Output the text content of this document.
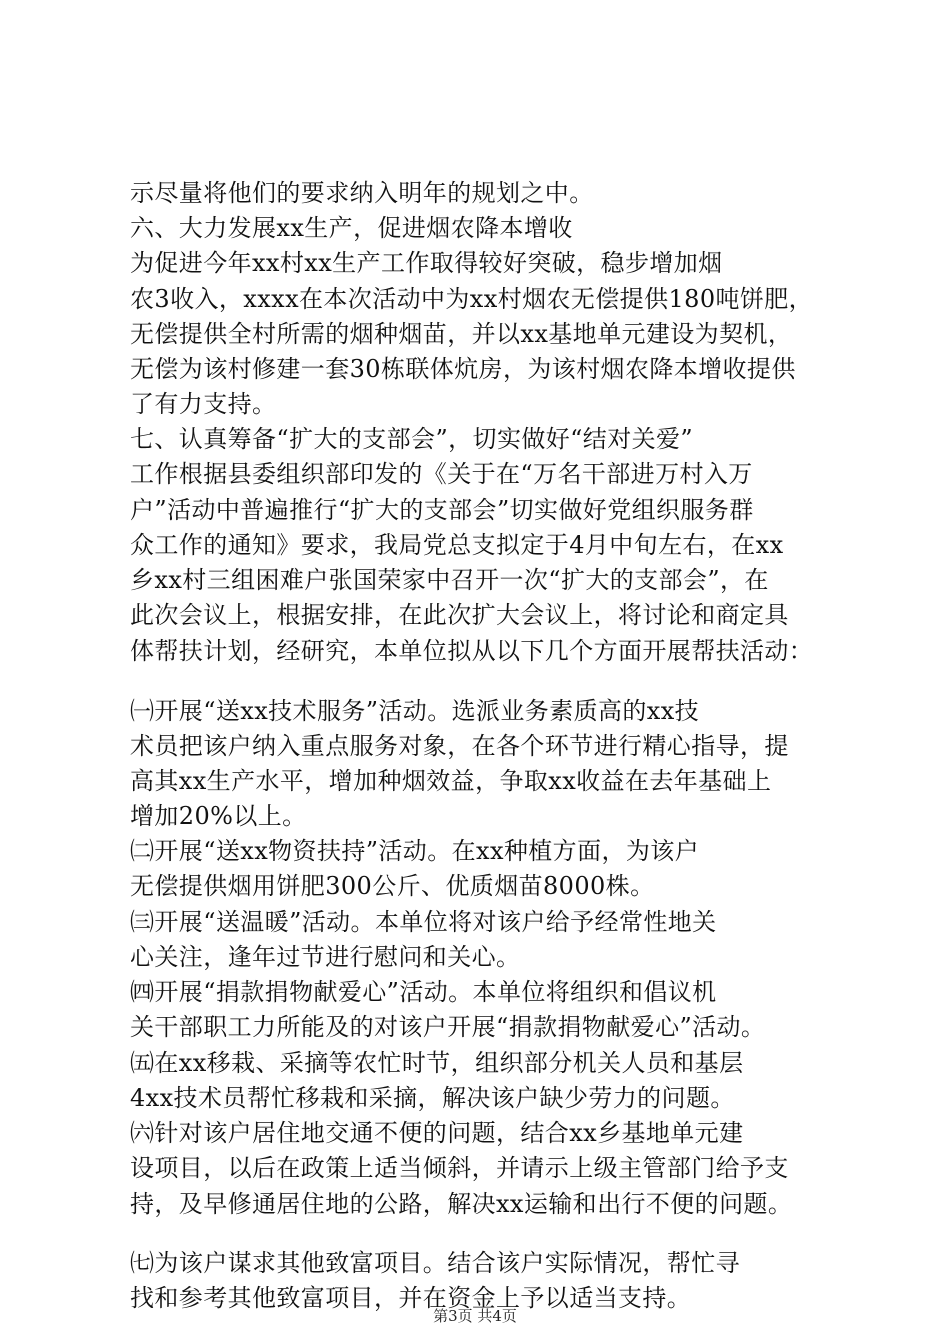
示尽量将他们的要求纳入明年的规划之中。
六、大力发展xx生产，促进烟农降本增收
为促进今年xx村xx生产工作取得较好突破，稳步增加烟
农3收入，xxxx在本次活动中为xx村烟农无偿提供180吨饼肥，
无偿提供全村所需的烟种烟苗，并以xx基地单元建设为契机，
无偿为该村修建一套30栋联体炕房，为该村烟农降本增收提供
了有力支持。
七、认真筹备“扩大的支部会”，切实做好“结对关爱”
工作根据县委组织部印发的《关于在“万名干部进万村入万
户”活动中普遍推行“扩大的支部会”切实做好党组织服务群
众工作的通知》要求，我局党总支拟定于4月中旬左右，在xx
乡xx村三组困难户张国荣家中召开一次“扩大的支部会”，在
此次会议上，根据安排，在此次扩大会议上，将讨论和商定具
体帮扶计划，经研究，本单位拟从以下几个方面开展帮扶活动：
㈠开展“送xx技术服务”活动。选派业务素质高的xx技
术员把该户纳入重点服务对象，在各个环节进行精心指导，提
高其xx生产水平，增加种烟效益，争取xx收益在去年基础上
增加20%以上。
㈡开展“送xx物资扶持”活动。在xx种植方面，为该户
无偿提供烟用饼肥300公斤、优质烟苗8000株。
㈢开展“送温暖”活动。本单位将对该户给予经常性地关
心关注，逢年过节进行慰问和关心。
㈣开展“捐款捐物献爱心”活动。本单位将组织和倡议机
关干部职工力所能及的对该户开展“捐款捐物献爱心”活动。
㈤在xx移栽、采摘等农忙时节，组织部分机关人员和基层
4xx技术员帮忙移栽和采摘，解决该户缺少劳力的问题。
㈥针对该户居住地交通不便的问题，结合xx乡基地单元建
设项目，以后在政策上适当倾斜，并请示上级主管部门给予支
持，及早修通居住地的公路，解决xx运输和出行不便的问题。
㈦为该户谋求其他致富项目。结合该户实际情况，帮忙寻
找和参考其他致富项目，并在资金上予以适当支持。
第3页 共4页
